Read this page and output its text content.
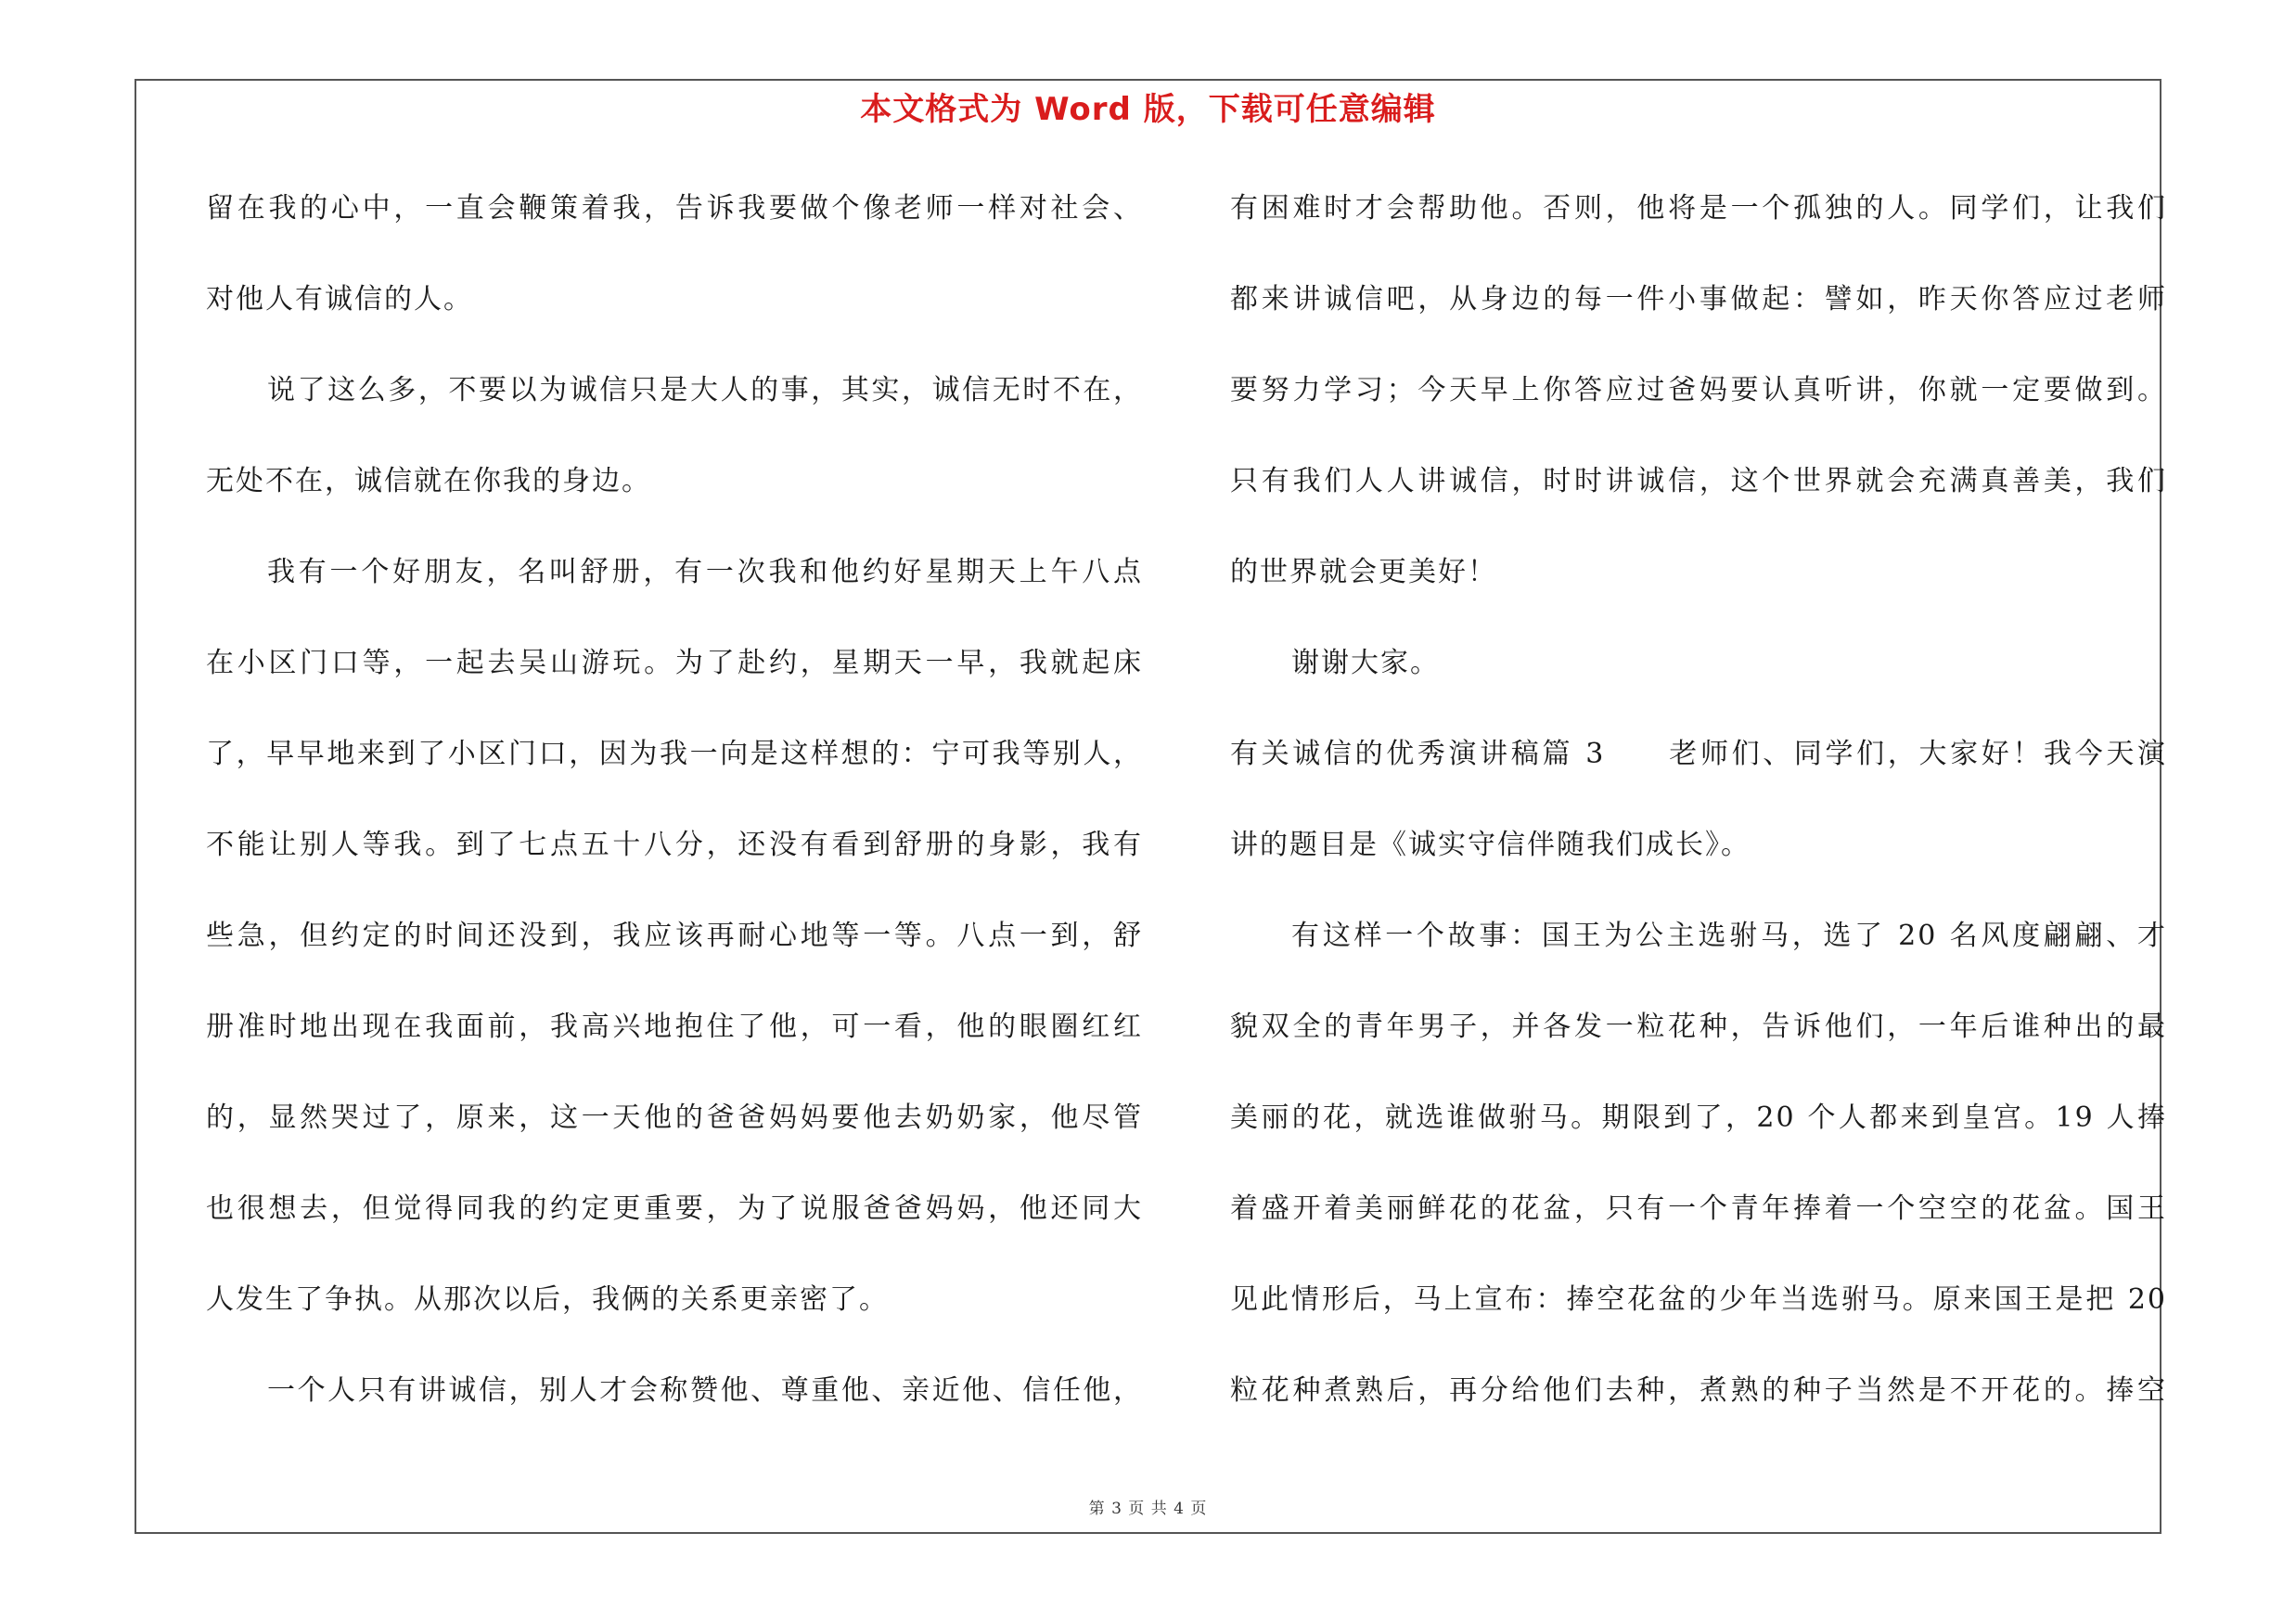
本文格式为 Word 版，下载可任意编辑
留在我的心中，一直会鞭策着我，告诉我要做个像老师一样对社会、
对他人有诚信的人。
说了这么多，不要以为诚信只是大人的事，其实，诚信无时不在，
无处不在，诚信就在你我的身边。
我有一个好朋友，名叫舒册，有一次我和他约好星期天上午八点
在小区门口等，一起去吴山游玩。为了赴约，星期天一早，我就起床
了，早早地来到了小区门口，因为我一向是这样想的：宁可我等别人，
不能让别人等我。到了七点五十八分，还没有看到舒册的身影，我有
些急，但约定的时间还没到，我应该再耐心地等一等。八点一到，舒
册准时地出现在我面前，我高兴地抱住了他，可一看，他的眼圈红红
的，显然哭过了，原来，这一天他的爸爸妈妈要他去奶奶家，他尽管
也很想去，但觉得同我的约定更重要，为了说服爸爸妈妈，他还同大
人发生了争执。从那次以后，我俩的关系更亲密了。
一个人只有讲诚信，别人才会称赞他、尊重他、亲近他、信任他，
有困难时才会帮助他。否则，他将是一个孤独的人。同学们，让我们
都来讲诚信吧，从身边的每一件小事做起：譬如，昨天你答应过老师
要努力学习；今天早上你答应过爸妈要认真听讲，你就一定要做到。
只有我们人人讲诚信，时时讲诚信，这个世界就会充满真善美，我们
的世界就会更美好！
谢谢大家。
有关诚信的优秀演讲稿篇 3　　老师们、同学们，大家好！我今天演
讲的题目是《诚实守信伴随我们成长》。
有这样一个故事：国王为公主选驸马，选了 20 名风度翩翩、才
貌双全的青年男子，并各发一粒花种，告诉他们，一年后谁种出的最
美丽的花，就选谁做驸马。期限到了，20 个人都来到皇宫。19 人捧
着盛开着美丽鲜花的花盆，只有一个青年捧着一个空空的花盆。国王
见此情形后，马上宣布：捧空花盆的少年当选驸马。原来国王是把 20
粒花种煮熟后，再分给他们去种，煮熟的种子当然是不开花的。捧空
第 3 页 共 4 页
